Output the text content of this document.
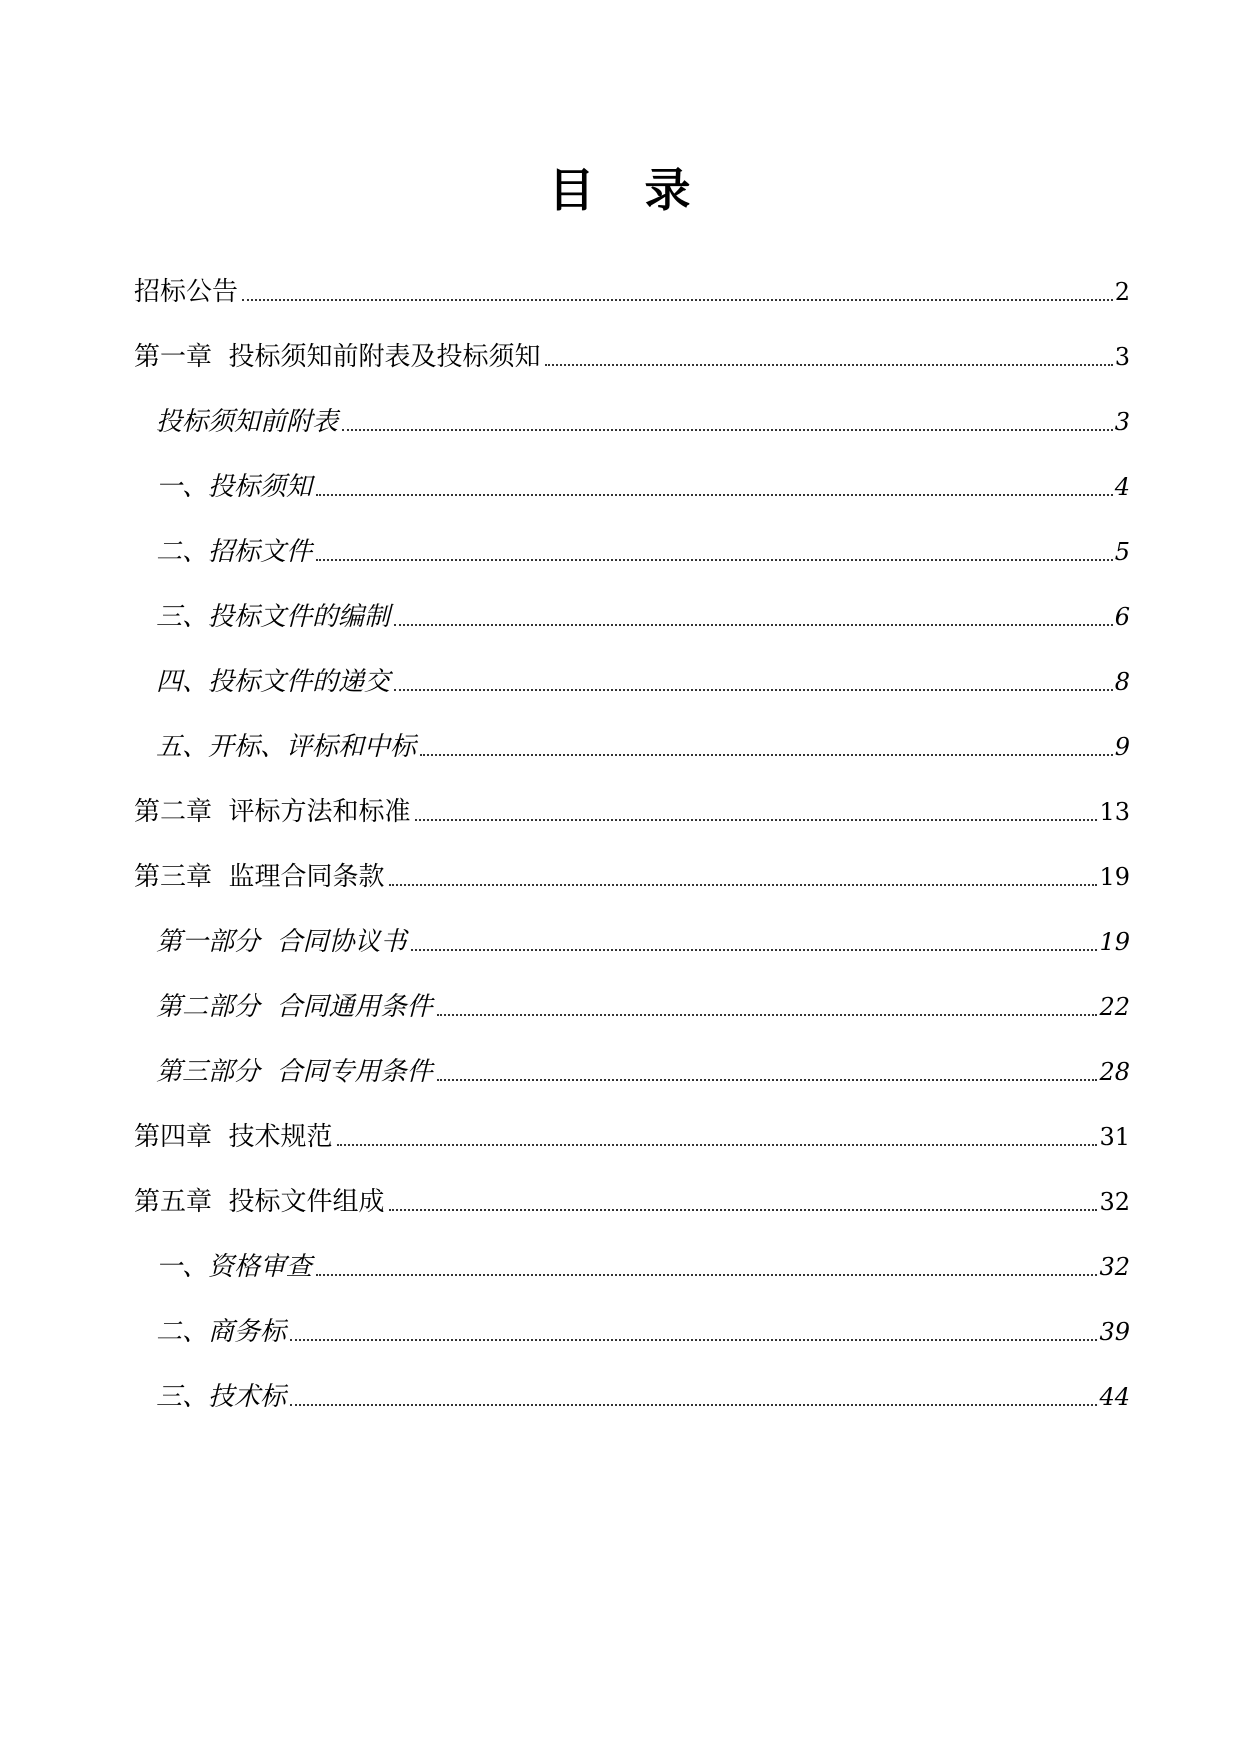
目　录
招标公告	2
第一章  投标须知前附表及投标须知	3
投标须知前附表	3
一、投标须知	4
二、招标文件	5
三、投标文件的编制	6
四、投标文件的递交	8
五、开标、评标和中标	9
第二章  评标方法和标准	13
第三章  监理合同条款	19
第一部分  合同协议书	19
第二部分  合同通用条件	22
第三部分  合同专用条件	28
第四章  技术规范	31
第五章  投标文件组成	32
一、资格审查	32
二、商务标	39
三、技术标	44
